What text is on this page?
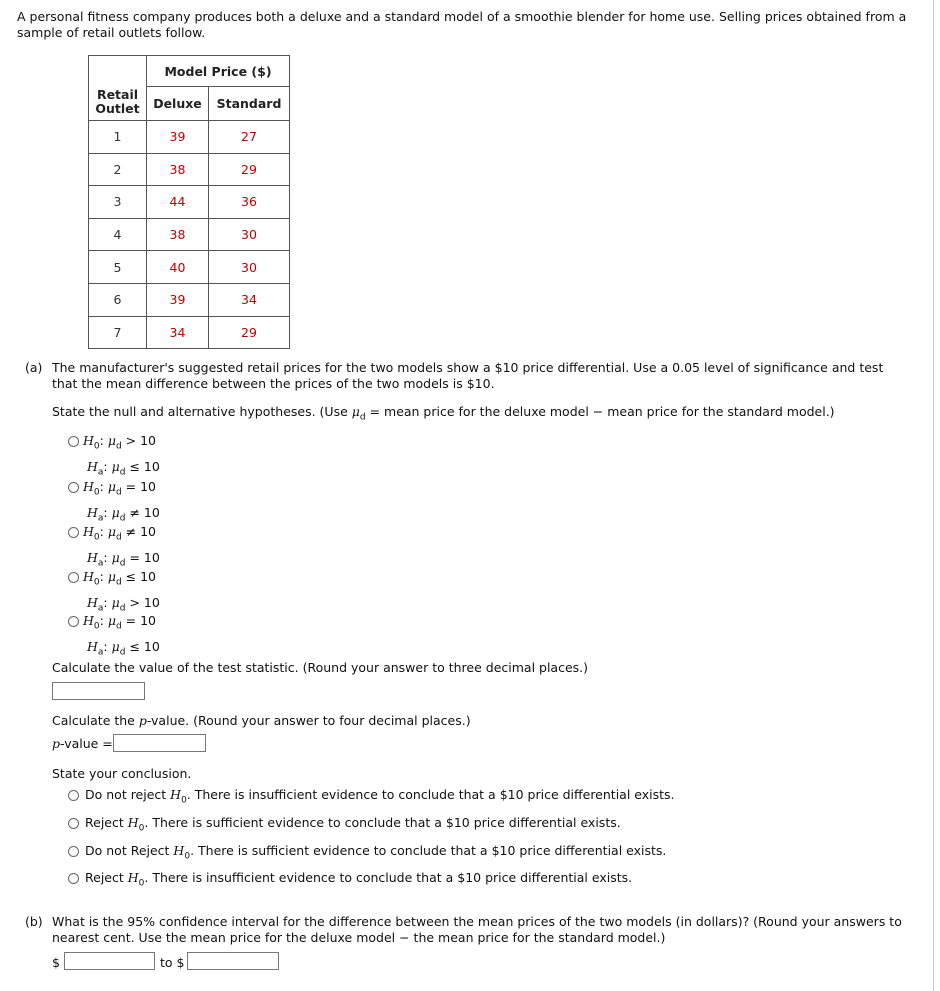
A personal fitness company produces both a deluxe and a standard model of a smoothie blender for home use. Selling prices obtained from a sample of retail outlets follow.
Retail
Outlet	Model Price ($)	
	Deluxe	Standard
1	39	27
2	38	29
3	44	36
4	38	30
5	40	30
6	39	34
7	34	29
(a) The manufacturer's suggested retail prices for the two models show a $10 price differential. Use a 0.05 level of significance and test that the mean difference between the prices of the two models is $10.
State the null and alternative hypotheses. (Use $\mu_d$ = mean price for the deluxe model − mean price for the standard model.)
$H_0$: $\mu_d > 10$
$H_a$: $\mu_d \le 10$
$H_0$: $\mu_d = 10$
$H_a$: $\mu_d \ne 10$
$H_0$: $\mu_d \ne 10$
$H_a$: $\mu_d = 10$
$H_0$: $\mu_d \le 10$
$H_a$: $\mu_d > 10$
$H_0$: $\mu_d = 10$
$H_a$: $\mu_d \le 10$
Calculate the value of the test statistic. (Round your answer to three decimal places.)
Calculate the p-value. (Round your answer to four decimal places.)
p-value =
State your conclusion.
Do not reject $H_0$. There is insufficient evidence to conclude that a $10 price differential exists.
Reject $H_0$. There is sufficient evidence to conclude that a $10 price differential exists.
Do not Reject $H_0$. There is sufficient evidence to conclude that a $10 price differential exists.
Reject $H_0$. There is insufficient evidence to conclude that a $10 price differential exists.
(b) What is the 95% confidence interval for the difference between the mean prices of the two models (in dollars)? (Round your answers to nearest cent. Use the mean price for the deluxe model − the mean price for the standard model.)
$	to $
